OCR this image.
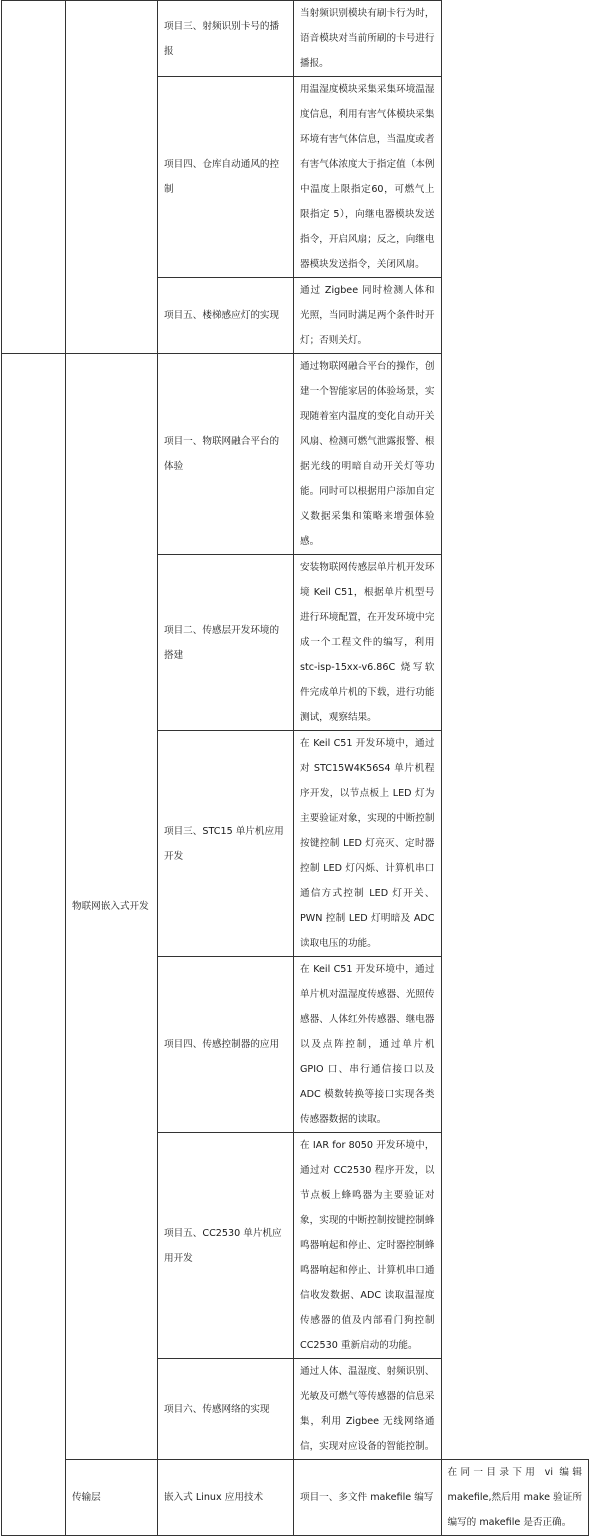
		项目三、射频识别卡号的播报	当射频识别模块有刷卡行为时，语音模块对当前所刷的卡号进行播报。	
		项目四、仓库自动通风的控制	用温湿度模块采集采集环境温湿度信息，利用有害气体模块采集环境有害气体信息，当温度或者有害气体浓度大于指定值（本例中温度上限指定60，可燃气上限指定 5），向继电器模块发送指令，开启风扇；反之，向继电器模块发送指令，关闭风扇。	
		项目五、楼梯感应灯的实现	通过 Zigbee 同时检测人体和光照，当同时满足两个条件时开灯；否则关灯。	
	物联网嵌入式开发	项目一、物联网融合平台的体验	通过物联网融合平台的操作，创建一个智能家居的体验场景，实现随着室内温度的变化自动开关风扇、检测可燃气泄露报警、根据光线的明暗自动开关灯等功能。同时可以根据用户添加自定义数据采集和策略来增强体验感。	
		项目二、传感层开发环境的搭建	安装物联网传感层单片机开发环境 Keil C51，根据单片机型号进行环境配置，在开发环境中完成一个工程文件的编写，利用 stc-isp-15xx-v6.86C 烧写软件完成单片机的下载，进行功能测试，观察结果。	
		项目三、STC15 单片机应用开发	在 Keil C51 开发环境中，通过对 STC15W4K56S4 单片机程序开发，以节点板上 LED 灯为主要验证对象，实现的中断控制按键控制 LED 灯亮灭、定时器控制 LED 灯闪烁、计算机串口通信方式控制 LED 灯开关、PWN 控制 LED 灯明暗及 ADC 读取电压的功能。	
		项目四、传感控制器的应用	在 Keil C51 开发环境中，通过单片机对温湿度传感器、光照传感器、人体红外传感器、继电器以及点阵控制，通过单片机 GPIO 口、串行通信接口以及 ADC 模数转换等接口实现各类传感器数据的读取。	
		项目五、CC2530 单片机应用开发	在 IAR for 8050 开发环境中，通过对 CC2530 程序开发，以节点板上蜂鸣器为主要验证对象，实现的中断控制按键控制蜂鸣器响起和停止、定时器控制蜂鸣器响起和停止、计算机串口通信收发数据、ADC 读取温湿度传感器的值及内部看门狗控制 CC2530 重新启动的功能。	
		项目六、传感网络的实现	通过人体、温湿度、射频识别、光敏及可燃气等传感器的信息采集，利用 Zigbee 无线网络通信，实现对应设备的智能控制。	
	传输层	嵌入式 Linux 应用技术	项目一、多文件 makefile 编写	在同一目录下用 vi 编辑 makefile,然后用 make 验证所编写的 makefile 是否正确。
